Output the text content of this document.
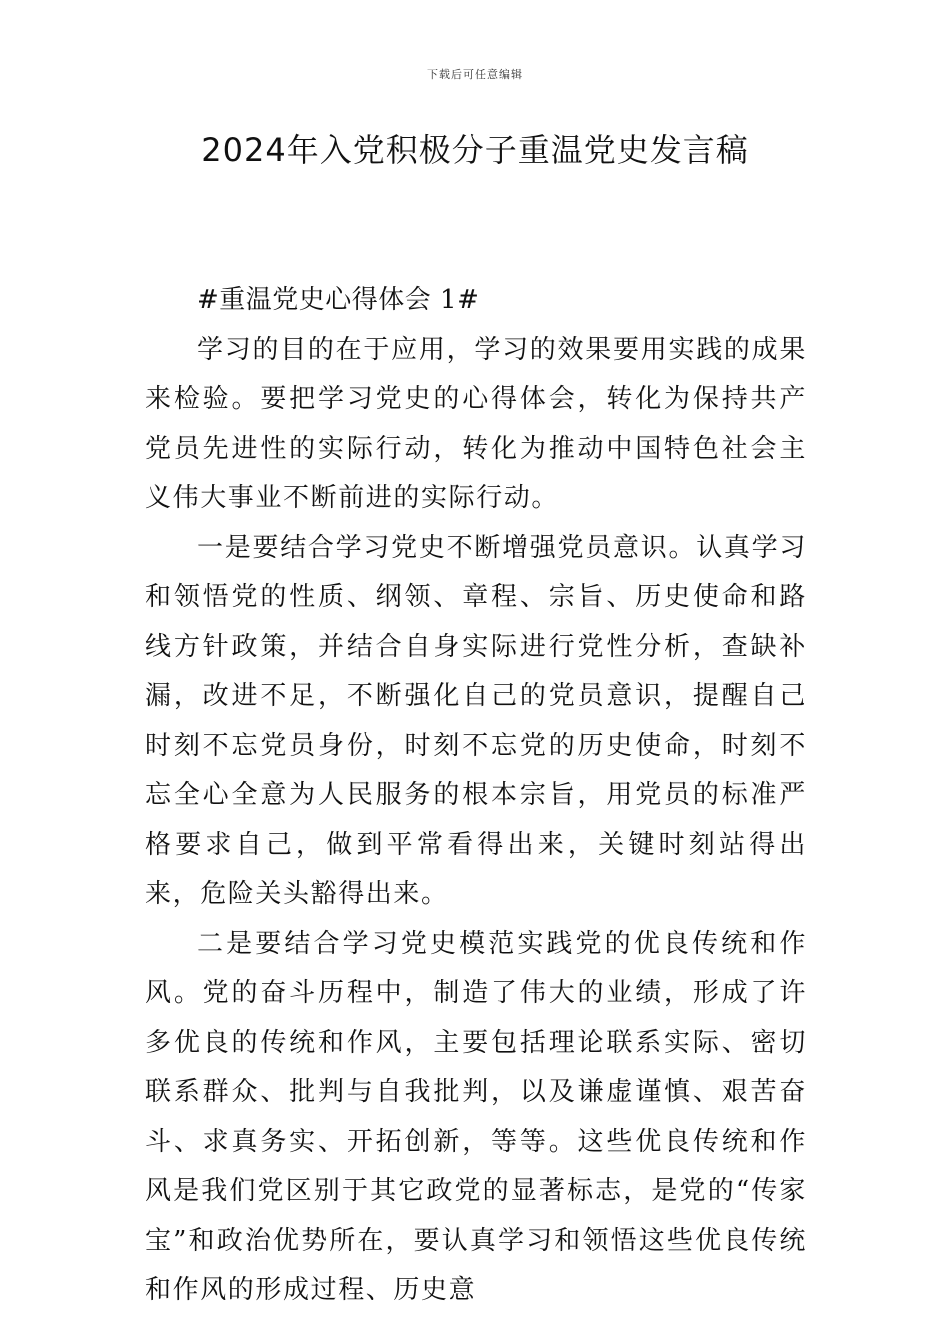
下载后可任意编辑
2024年入党积极分子重温党史发言稿

#重温党史心得体会 1#

学习的目的在于应用，学习的效果要用实践的成果来检验。要把学习党史的心得体会，转化为保持共产党员先进性的实际行动，转化为推动中国特色社会主义伟大事业不断前进的实际行动。

一是要结合学习党史不断增强党员意识。认真学习和领悟党的性质、纲领、章程、宗旨、历史使命和路线方针政策，并结合自身实际进行党性分析，查缺补漏，改进不足，不断强化自己的党员意识，提醒自己时刻不忘党员身份，时刻不忘党的历史使命，时刻不忘全心全意为人民服务的根本宗旨，用党员的标准严格要求自己，做到平常看得出来，关键时刻站得出来，危险关头豁得出来。

二是要结合学习党史模范实践党的优良传统和作风。党的奋斗历程中，制造了伟大的业绩，形成了许多优良的传统和作风，主要包括理论联系实际、密切联系群众、批判与自我批判，以及谦虚谨慎、艰苦奋斗、求真务实、开拓创新，等等。这些优良传统和作风是我们党区别于其它政党的显著标志，是党的“传家宝”和政治优势所在，要认真学习和领悟这些优良传统和作风的形成过程、历史意
